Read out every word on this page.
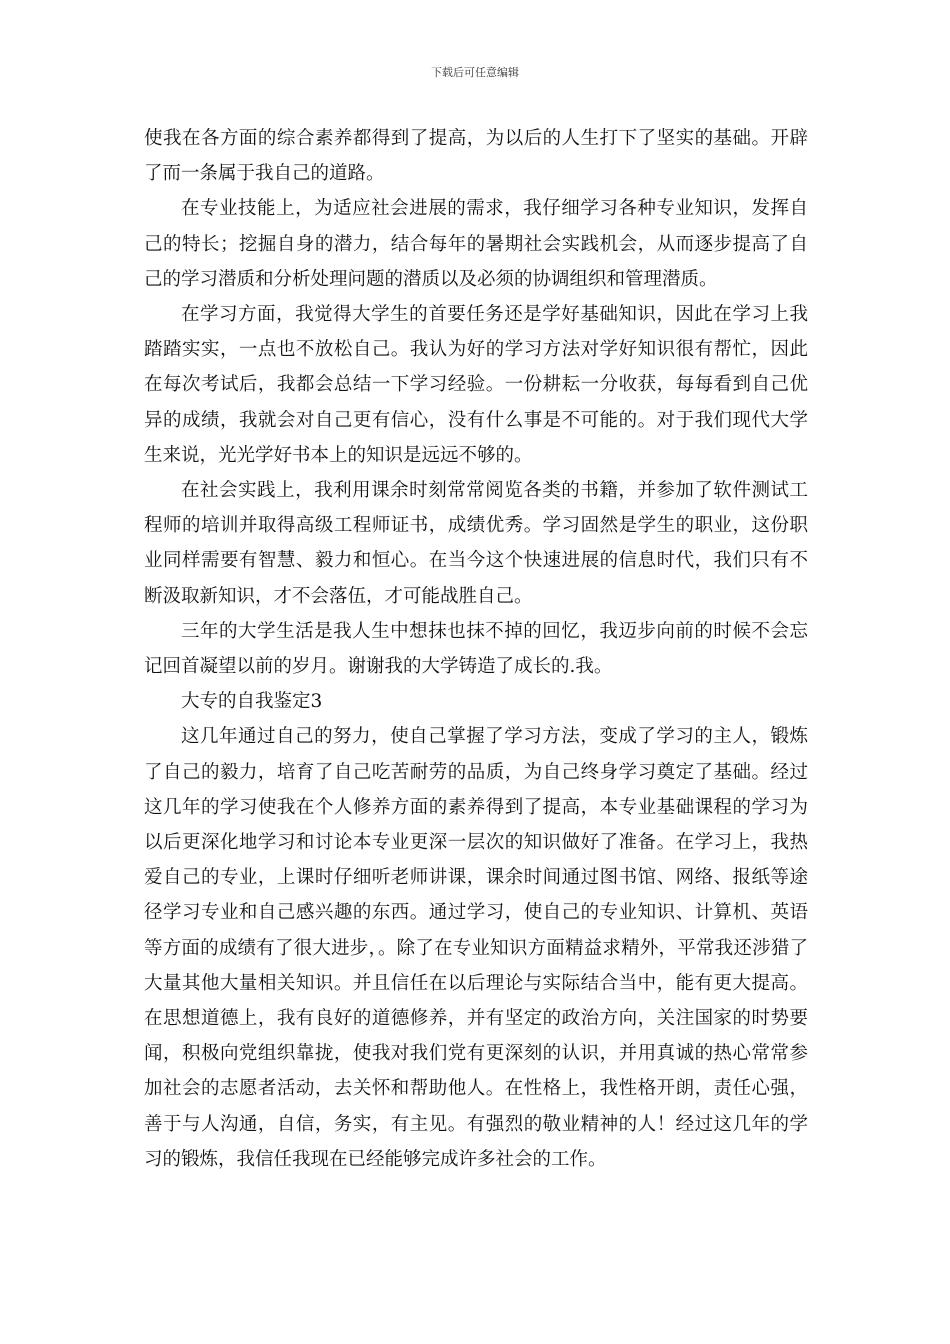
下载后可任意编辑

使我在各方面的综合素养都得到了提高，为以后的人生打下了坚实的基础。开辟了而一条属于我自己的道路。

在专业技能上，为适应社会进展的需求，我仔细学习各种专业知识，发挥自己的特长；挖掘自身的潜力，结合每年的暑期社会实践机会，从而逐步提高了自己的学习潜质和分析处理问题的潜质以及必须的协调组织和管理潜质。

在学习方面，我觉得大学生的首要任务还是学好基础知识，因此在学习上我踏踏实实，一点也不放松自己。我认为好的学习方法对学好知识很有帮忙，因此在每次考试后，我都会总结一下学习经验。一份耕耘一分收获，每每看到自己优异的成绩，我就会对自己更有信心，没有什么事是不可能的。对于我们现代大学生来说，光光学好书本上的知识是远远不够的。

在社会实践上，我利用课余时刻常常阅览各类的书籍，并参加了软件测试工程师的培训并取得高级工程师证书，成绩优秀。学习固然是学生的职业，这份职业同样需要有智慧、毅力和恒心。在当今这个快速进展的信息时代，我们只有不断汲取新知识，才不会落伍，才可能战胜自己。

三年的大学生活是我人生中想抹也抹不掉的回忆，我迈步向前的时候不会忘记回首凝望以前的岁月。谢谢我的大学铸造了成长的.我。

大专的自我鉴定3

这几年通过自己的努力，使自己掌握了学习方法，变成了学习的主人，锻炼了自己的毅力，培育了自己吃苦耐劳的品质，为自己终身学习奠定了基础。经过这几年的学习使我在个人修养方面的素养得到了提高，本专业基础课程的学习为以后更深化地学习和讨论本专业更深一层次的知识做好了准备。在学习上，我热爱自己的专业，上课时仔细听老师讲课，课余时间通过图书馆、网络、报纸等途径学习专业和自己感兴趣的东西。通过学习，使自己的专业知识、计算机、英语等方面的成绩有了很大进步，。除了在专业知识方面精益求精外，平常我还涉猎了大量其他大量相关知识。并且信任在以后理论与实际结合当中，能有更大提高。在思想道德上，我有良好的道德修养，并有坚定的政治方向，关注国家的时势要闻，积极向党组织靠拢，使我对我们党有更深刻的认识，并用真诚的热心常常参加社会的志愿者活动，去关怀和帮助他人。在性格上，我性格开朗，责任心强，善于与人沟通，自信，务实，有主见。有强烈的敬业精神的人！经过这几年的学习的锻炼，我信任我现在已经能够完成许多社会的工作。
